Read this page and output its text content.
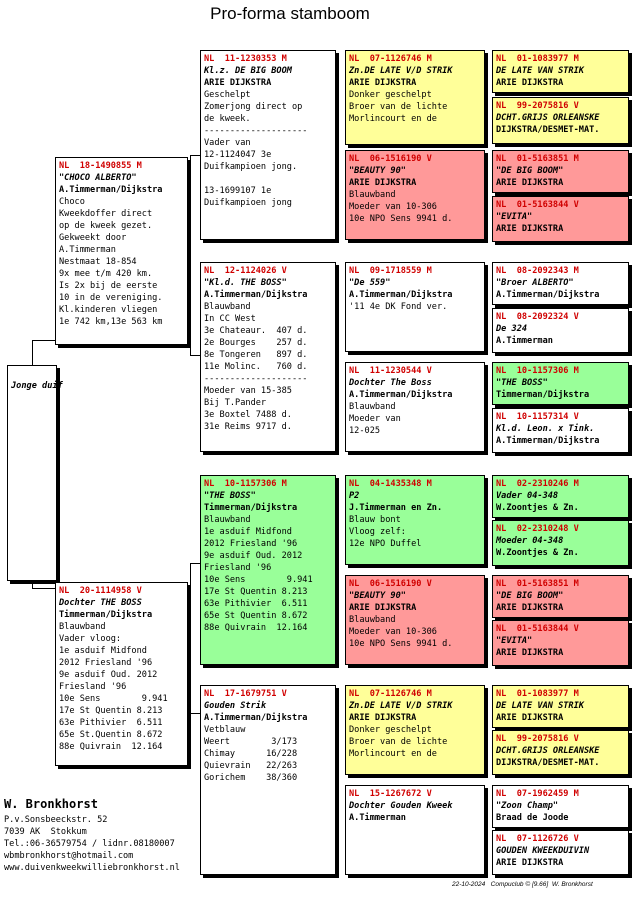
Pro-forma stamboom
Jonge duif
NL  18-1490855 M
"CHOCO ALBERTO"
A.Timmerman/Dijkstra
Choco
Kweekdoffer direct
op de kweek gezet.
Gekweekt door
A.Timmerman
Nestmaat 18-854
9x mee t/m 420 km.
Is 2x bij de eerste
10 in de vereniging.
Kl.kinderen vliegen
1e 742 km,13e 563 km
NL  20-1114958 V
Dochter THE BOSS
Timmerman/Dijkstra
Blauwband
Vader vloog:
1e asduif Midfond
2012 Friesland '96
9e asduif Oud. 2012
Friesland '96
10e Sens        9.941
17e St Quentin 8.213
63e Pithivier  6.511
65e St.Quentin 8.672
88e Quivrain  12.164
NL  11-1230353 M
Kl.z. DE BIG BOOM
ARIE DIJKSTRA
Geschelpt
Zomerjong direct op
de kweek.
--------------------
Vader van
12-1124047 3e
Duifkampioen jong.
13-1699107 1e
Duifkampioen jong
NL  12-1124026 V
"Kl.d. THE BOSS"
A.Timmerman/Dijkstra
Blauwband
In CC West
3e Chateaur.  407 d.
2e Bourges    257 d.
8e Tongeren   897 d.
11e Molinc.   760 d.
--------------------
Moeder van 15-385
Bij T.Pander
3e Boxtel 7488 d.
31e Reims 9717 d.
NL  10-1157306 M
"THE BOSS"
Timmerman/Dijkstra
Blauwband
1e asduif Midfond
2012 Friesland '96
9e asduif Oud. 2012
Friesland '96
10e Sens        9.941
17e St Quentin 8.213
63e Pithivier  6.511
65e St Quentin 8.672
88e Quivrain  12.164
NL  17-1679751 V
Gouden Strik
A.Timmerman/Dijkstra
Vetblauw
Weert        3/173
Chimay      16/228
Quievrain   22/263
Gorichem    38/360
NL  07-1126746 M
Zn.DE LATE V/D STRIK
ARIE DIJKSTRA
Donker geschelpt
Broer van de lichte
Morlincourt en de
NL  06-1516190 V
"BEAUTY 90"
ARIE DIJKSTRA
Blauwband
Moeder van 10-306
10e NPO Sens 9941 d.
NL  09-1718559 M
"De 559"
A.Timmerman/Dijkstra
'11 4e DK Fond ver.
NL  11-1230544 V
Dochter The Boss
A.Timmerman/Dijkstra
Blauwband
Moeder van
12-025
NL  04-1435348 M
P2
J.Timmerman en Zn.
Blauw bont
Vloog zelf:
12e NPO Duffel
NL  06-1516190 V
"BEAUTY 90"
ARIE DIJKSTRA
Blauwband
Moeder van 10-306
10e NPO Sens 9941 d.
NL  07-1126746 M
Zn.DE LATE V/D STRIK
ARIE DIJKSTRA
Donker geschelpt
Broer van de lichte
Morlincourt en de
NL  15-1267672 V
Dochter Gouden Kweek
A.Timmerman
NL  01-1083977 M
DE LATE VAN STRIK
ARIE DIJKSTRA
NL  99-2075816 V
DCHT.GRIJS ORLEANSKE
DIJKSTRA/DESMET-MAT.
NL  01-5163851 M
"DE BIG BOOM"
ARIE DIJKSTRA
NL  01-5163844 V
"EVITA"
ARIE DIJKSTRA
NL  08-2092343 M
"Broer ALBERTO"
A.Timmerman/Dijkstra
NL  08-2092324 V
De 324
A.Timmerman
NL  10-1157306 M
"THE BOSS"
Timmerman/Dijkstra
NL  10-1157314 V
Kl.d. Leon. x Tink.
A.Timmerman/Dijkstra
NL  02-2310246 M
Vader 04-348
W.Zoontjes & Zn.
NL  02-2310248 V
Moeder 04-348
W.Zoontjes & Zn.
NL  01-5163851 M
"DE BIG BOOM"
ARIE DIJKSTRA
NL  01-5163844 V
"EVITA"
ARIE DIJKSTRA
NL  01-1083977 M
DE LATE VAN STRIK
ARIE DIJKSTRA
NL  99-2075816 V
DCHT.GRIJS ORLEANSKE
DIJKSTRA/DESMET-MAT.
NL  07-1962459 M
"Zoon Champ"
Braad de Joode
NL  07-1126726 V
GOUDEN KWEEKDUIVIN
ARIE DIJKSTRA
W. Bronkhorst
P.v.Sonsbeeckstr. 52
7039 AK  Stokkum
Tel.:06-36579754 / lidnr.08180007
wbmbronkhorst@hotmail.com
www.duivenkweekwilliebronkhorst.nl
22-10-2024   Compuclub © [9.66]  W. Bronkhorst
